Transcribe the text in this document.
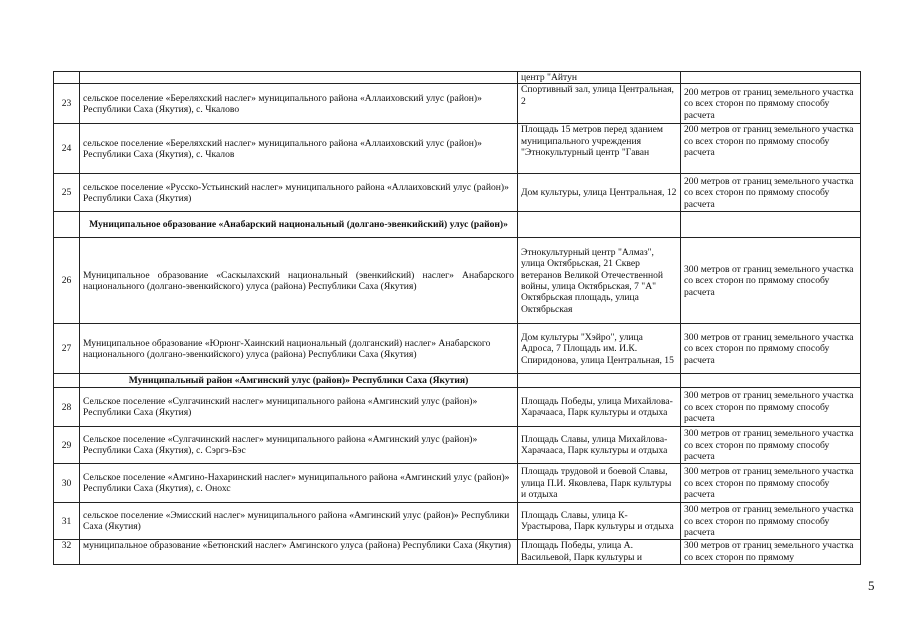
		центр "Айтун	
23	сельское поселение «Береляхский наслег» муниципального района «Аллаиховский улус (район)» Республики Саха (Якутия), с. Чкалово	Спортивный зал, улица Центральная, 2	200 метров от границ земельного участка со всех сторон по прямому способу расчета
24	сельское поселение «Береляхский наслег» муниципального района «Аллаиховский улус (район)» Республики Саха (Якутия), с. Чкалов	Площадь 15 метров перед зданием муниципального учреждения "Этнокультурный центр "Гаван	200 метров от границ земельного участка со всех сторон по прямому способу расчета
25	сельское поселение «Русско-Устьинский наслег» муниципального района «Аллаиховский улус (район)» Республики Саха (Якутия)	Дом культуры, улица Центральная, 12	200 метров от границ земельного участка со всех сторон по прямому способу расчета
	Муниципальное образование «Анабарский национальный (долгано-эвенкийский) улус (район)»		
26	Муниципальное образование «Саскылахский национальный (эвенкийский) наслег» Анабарского национального (долгано-эвенкийского) улуса (района) Республики Саха (Якутия)	Этнокультурный центр "Алмаз", улица Октябрьская, 21 Сквер ветеранов Великой Отечественной войны, улица Октябрьская, 7 "А" Октябрьская площадь, улица Октябрьская	300 метров от границ земельного участка со всех сторон по прямому способу расчета
27	Муниципальное образование «Юрюнг-Хаинский национальный (долганский) наслег» Анабарского национального (долгано-эвенкийского) улуса (района) Республики Саха (Якутия)	Дом культуры "Хэйро", улица Адроса, 7 Площадь им. И.К. Спиридонова, улица Центральная, 15	300 метров от границ земельного участка со всех сторон по прямому способу расчета
	Муниципальный район «Амгинский улус (район)» Республики Саха (Якутия)		
28	Сельское поселение «Сулгачинский наслег» муниципального района «Амгинский улус (район)» Республики Саха (Якутия)	Площадь Победы, улица Михайлова-Харачааса, Парк культуры и отдыха	300 метров от границ земельного участка со всех сторон по прямому способу расчета
29	Сельское поселение «Сулгачинский наслег» муниципального района «Амгинский улус (район)» Республики Саха (Якутия), с. Сэргэ-Бэс	Площадь Славы, улица Михайлова-Харачааса, Парк культуры и отдыха	300 метров от границ земельного участка со всех сторон по прямому способу расчета
30	Сельское поселение «Амгино-Нахаринский наслег» муниципального района «Амгинский улус (район)» Республики Саха (Якутия), с. Онохс	Площадь трудовой и боевой Славы, улица П.И. Яковлева, Парк культуры и отдыха	300 метров от границ земельного участка со всех сторон по прямому способу расчета
31	сельское поселение «Эмисский наслег» муниципального района «Амгинский улус (район)» Республики Саха (Якутия)	Площадь Славы, улица К-Урастырова, Парк культуры и отдыха	300 метров от границ земельного участка со всех сторон по прямому способу расчета
32	муниципальное образование «Бетюнский наслег» Амгинского улуса (района) Республики Саха (Якутия)	Площадь Победы, улица А. Васильевой, Парк культуры и	300 метров от границ земельного участка со всех сторон по прямому
5
